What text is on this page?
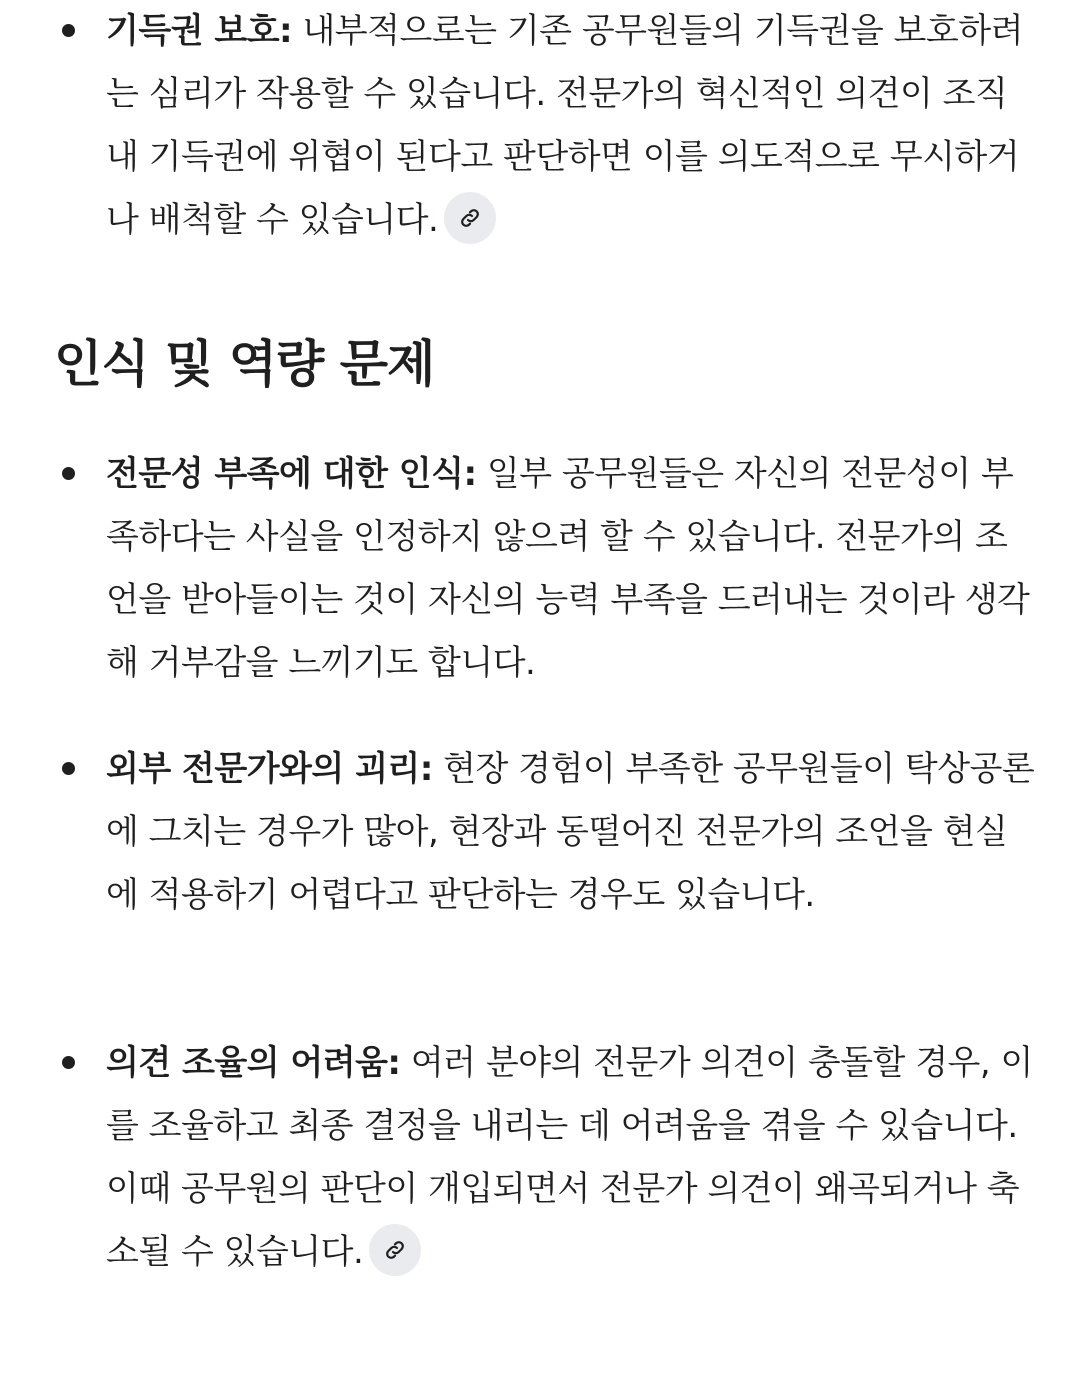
기득권 보호: 내부적으로는 기존 공무원들의 기득권을 보호하려는 심리가 작용할 수 있습니다. 전문가의 혁신적인 의견이 조직 내 기득권에 위협이 된다고 판단하면 이를 의도적으로 무시하거나 배척할 수 있습니다.
인식 및 역량 문제
전문성 부족에 대한 인식: 일부 공무원들은 자신의 전문성이 부족하다는 사실을 인정하지 않으려 할 수 있습니다. 전문가의 조언을 받아들이는 것이 자신의 능력 부족을 드러내는 것이라 생각해 거부감을 느끼기도 합니다.
외부 전문가와의 괴리: 현장 경험이 부족한 공무원들이 탁상공론에 그치는 경우가 많아, 현장과 동떨어진 전문가의 조언을 현실에 적용하기 어렵다고 판단하는 경우도 있습니다.
의견 조율의 어려움: 여러 분야의 전문가 의견이 충돌할 경우, 이를 조율하고 최종 결정을 내리는 데 어려움을 겪을 수 있습니다. 이때 공무원의 판단이 개입되면서 전문가 의견이 왜곡되거나 축소될 수 있습니다.
